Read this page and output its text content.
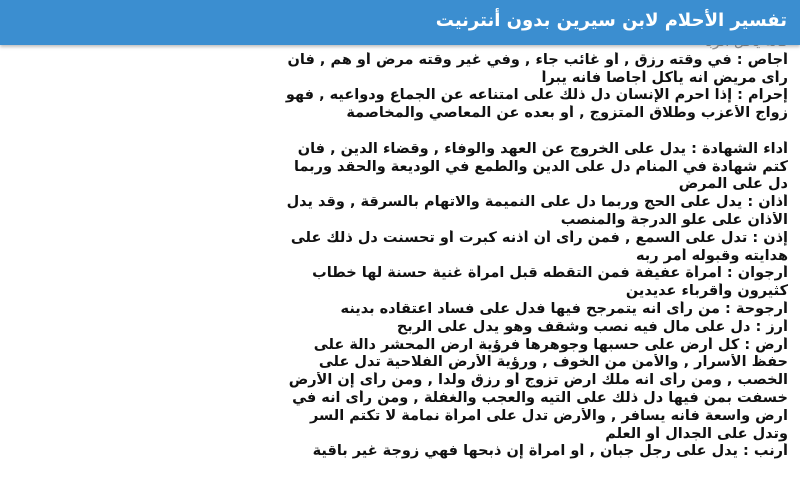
تفسير الأحلام لابن سيرين بدون أنترنيت
أجاص : في وقته رزق , أو غائب جاء , وفي غير وقته مرض أو هم , فان
رأى مريض انه يأكل أجاصا فانه يبرأ
إحرام : إذا احرم الإنسان دل ذلك على امتناعه عن الجماع ودواعيه , فهو
زواج الأعزب وطلاق المتزوج , أو بعده عن المعاصي والمخاصمة
أداء الشهادة : يدل على الخروج عن العهد والوفاء , وقضاء الدين , فان
كتم شهادة في المنام دل على الدين والطمع في الوديعة والحقد وربما
دل على المرض
أذان : يدل على الحج وربما دل على النميمة والاتهام بالسرقة , وقد يدل
الأذان على علو الدرجة والمنصب
إذن : تدل على السمع , فمن رأى أن أذنه كبرت أو تحسنت دل ذلك على
هدايته وقبوله أمر ربه
أرجوان : امرأة عفيفة فمن التقطه قبل امرأة غنية حسنة لها خطاب
كثيرون وأقرباء عديدين
أرجوحة : من رأى انه يتمرجح فيها فدل على فساد اعتقاده بدينه
أرز : دل على مال فيه نصب وشقف وهو يدل على الربح
أرض : كل أرض على حسبها وجوهرها فرؤية ارض المحشر دالة على
حفظ الأسرار , والأمن من الخوف , ورؤية الأرض الفلاحية تدل على
الخصب , ومن رأى انه ملك ارض تزوج أو رزق ولدا , ومن رأى إن الأرض
خسفت بمن فيها دل ذلك على التيه والعجب والغفلة , ومن رأى انه في
ارض واسعة فانه يسافر , والأرض تدل على امرأة نمامة لا تكتم السر
وتدل على الجدال أو العلم
أرنب : يدل على رجل جبان , أو امرأة إن ذبحها فهي زوجة غير باقية
